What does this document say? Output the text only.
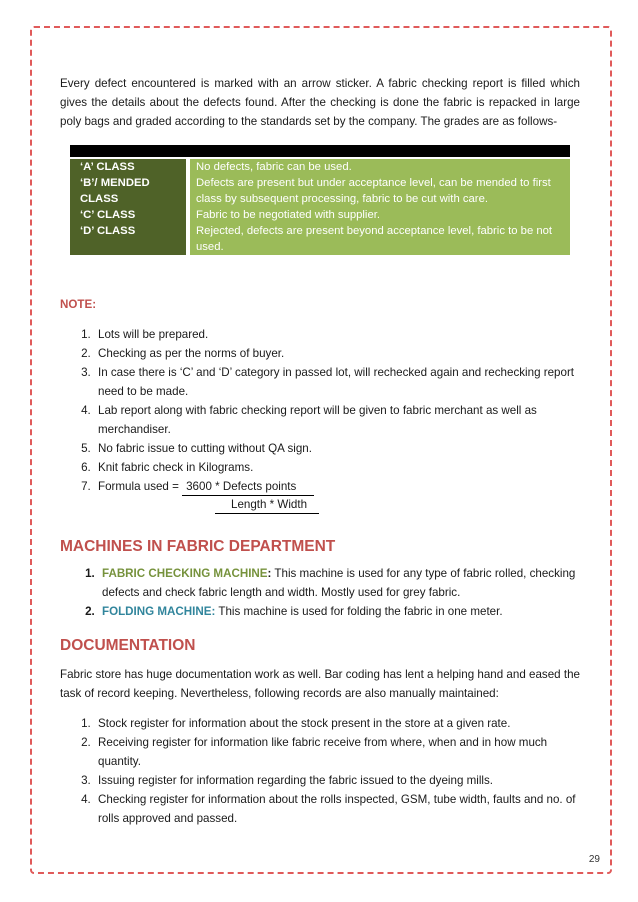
Every defect encountered is marked with an arrow sticker. A fabric checking report is filled which gives the details about the defects found. After the checking is done the fabric is repacked in large poly bags and graded according to the standards set by the company. The grades are as follows-

‘A’ CLASS	No defects, fabric can be used.
‘B’/ MENDED CLASS	Defects are present but under acceptance level, can be mended to first class by subsequent processing, fabric to be cut with care.
‘C’ CLASS	Fabric to be negotiated with supplier.
‘D’ CLASS	Rejected, defects are present beyond acceptance level, fabric to be not used.

NOTE:

1. Lots will be prepared.
2. Checking as per the norms of buyer.
3. In case there is ‘C’ and ‘D’ category in passed lot, will rechecked again and rechecking report need to be made.
4. Lab report along with fabric checking report will be given to fabric merchant as well as merchandiser.
5. No fabric issue to cutting without QA sign.
6. Knit fabric check in Kilograms.
7. Formula used = 3600 * Defects points
Length * Width
MACHINES IN FABRIC DEPARTMENT
1. FABRIC CHECKING MACHINE: This machine is used for any type of fabric rolled, checking defects and check fabric length and width. Mostly used for grey fabric.
2. FOLDING MACHINE: This machine is used for folding the fabric in one meter.
DOCUMENTATION

Fabric store has huge documentation work as well. Bar coding has lent a helping hand and eased the task of record keeping. Nevertheless, following records are also manually maintained:

1. Stock register for information about the stock present in the store at a given rate.
2. Receiving register for information like fabric receive from where, when and in how much quantity.
3. Issuing register for information regarding the fabric issued to the dyeing mills.
4. Checking register for information about the rolls inspected, GSM, tube width, faults and no. of rolls approved and passed.
29
